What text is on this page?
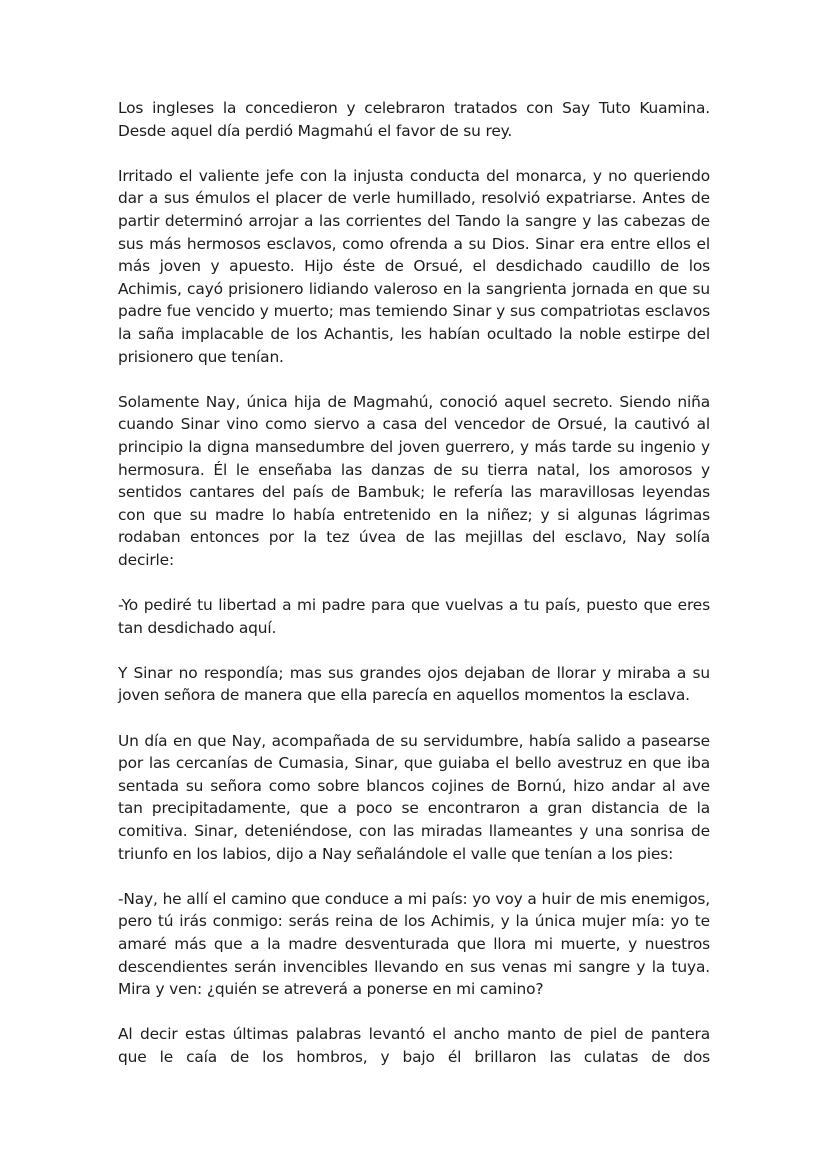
Los ingleses la concedieron y celebraron tratados con Say Tuto Kuamina. Desde aquel día perdió Magmahú el favor de su rey.

Irritado el valiente jefe con la injusta conducta del monarca, y no queriendo dar a sus émulos el placer de verle humillado, resolvió expatriarse. Antes de partir determinó arrojar a las corrientes del Tando la sangre y las cabezas de sus más hermosos esclavos, como ofrenda a su Dios. Sinar era entre ellos el más joven y apuesto. Hijo éste de Orsué, el desdichado caudillo de los Achimis, cayó prisionero lidiando valeroso en la sangrienta jornada en que su padre fue vencido y muerto; mas temiendo Sinar y sus compatriotas esclavos la saña implacable de los Achantis, les habían ocultado la noble estirpe del prisionero que tenían.

Solamente Nay, única hija de Magmahú, conoció aquel secreto. Siendo niña cuando Sinar vino como siervo a casa del vencedor de Orsué, la cautivó al principio la digna mansedumbre del joven guerrero, y más tarde su ingenio y hermosura. Él le enseñaba las danzas de su tierra natal, los amorosos y sentidos cantares del país de Bambuk; le refería las maravillosas leyendas con que su madre lo había entretenido en la niñez; y si algunas lágrimas rodaban entonces por la tez úvea de las mejillas del esclavo, Nay solía decirle:

-Yo pediré tu libertad a mi padre para que vuelvas a tu país, puesto que eres tan desdichado aquí.

Y Sinar no respondía; mas sus grandes ojos dejaban de llorar y miraba a su joven señora de manera que ella parecía en aquellos momentos la esclava.

Un día en que Nay, acompañada de su servidumbre, había salido a pasearse por las cercanías de Cumasia, Sinar, que guiaba el bello avestruz en que iba sentada su señora como sobre blancos cojines de Bornú, hizo andar al ave tan precipitadamente, que a poco se encontraron a gran distancia de la comitiva. Sinar, deteniéndose, con las miradas llameantes y una sonrisa de triunfo en los labios, dijo a Nay señalándole el valle que tenían a los pies:

-Nay, he allí el camino que conduce a mi país: yo voy a huir de mis enemigos, pero tú irás conmigo: serás reina de los Achimis, y la única mujer mía: yo te amaré más que a la madre desventurada que llora mi muerte, y nuestros descendientes serán invencibles llevando en sus venas mi sangre y la tuya. Mira y ven: ¿quién se atreverá a ponerse en mi camino?

Al decir estas últimas palabras levantó el ancho manto de piel de pantera que le caía de los hombros, y bajo él brillaron las culatas de dos
